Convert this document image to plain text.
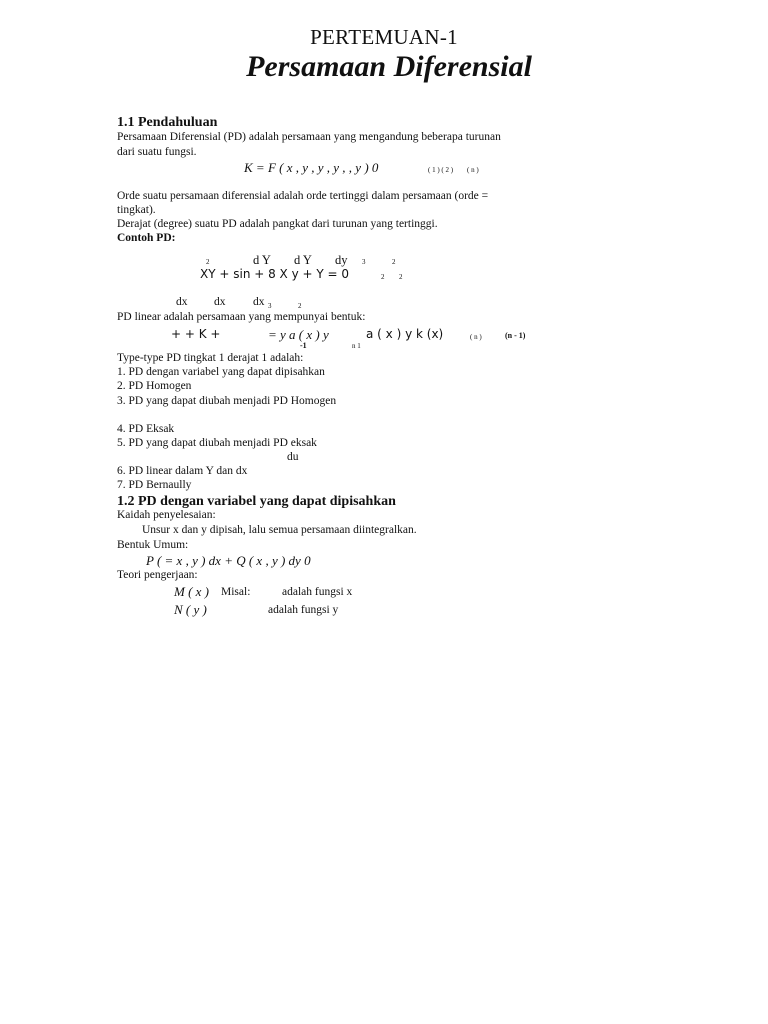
PERTEMUAN-1
Persamaan Diferensial
1.1 Pendahuluan
Persamaan Diferensial (PD) adalah persamaan yang mengandung beberapa turunan
dari suatu fungsi.
K = F ( x , y , y , y , , y ) 0	( 1 ) ( 2 ) ( n )
Orde suatu persamaan diferensial adalah orde tertinggi dalam persamaan (orde =
tingkat).
Derajat (degree) suatu PD adalah pangkat dari turunan yang tertinggi.
Contoh PD:
2	d Y d Y dy 3	2
XY + sin + 8 X y + Y = 0	2 2
dx dx dx 3	2
PD linear adalah persamaan yang mempunyai bentuk:
+ + K +	= y a ( x ) y	a ( x ) y k (x)	( n )	(n - 1)
-1	n 1
Type-type PD tingkat 1 derajat 1 adalah:
1. PD dengan variabel yang dapat dipisahkan
2. PD Homogen
3. PD yang dapat diubah menjadi PD Homogen
4. PD Eksak
5. PD yang dapat diubah menjadi PD eksak
du
6. PD linear dalam Y dan dx
7. PD Bernaully
1.2 PD dengan variabel yang dapat dipisahkan
Kaidah penyelesaian:
Unsur x dan y dipisah, lalu semua persamaan diintegralkan.
Bentuk Umum:
P ( = x , y ) dx + Q ( x , y ) dy 0
Teori pengerjaan:
M ( x ) Misal:	adalah fungsi x
N ( y )	adalah fungsi y
